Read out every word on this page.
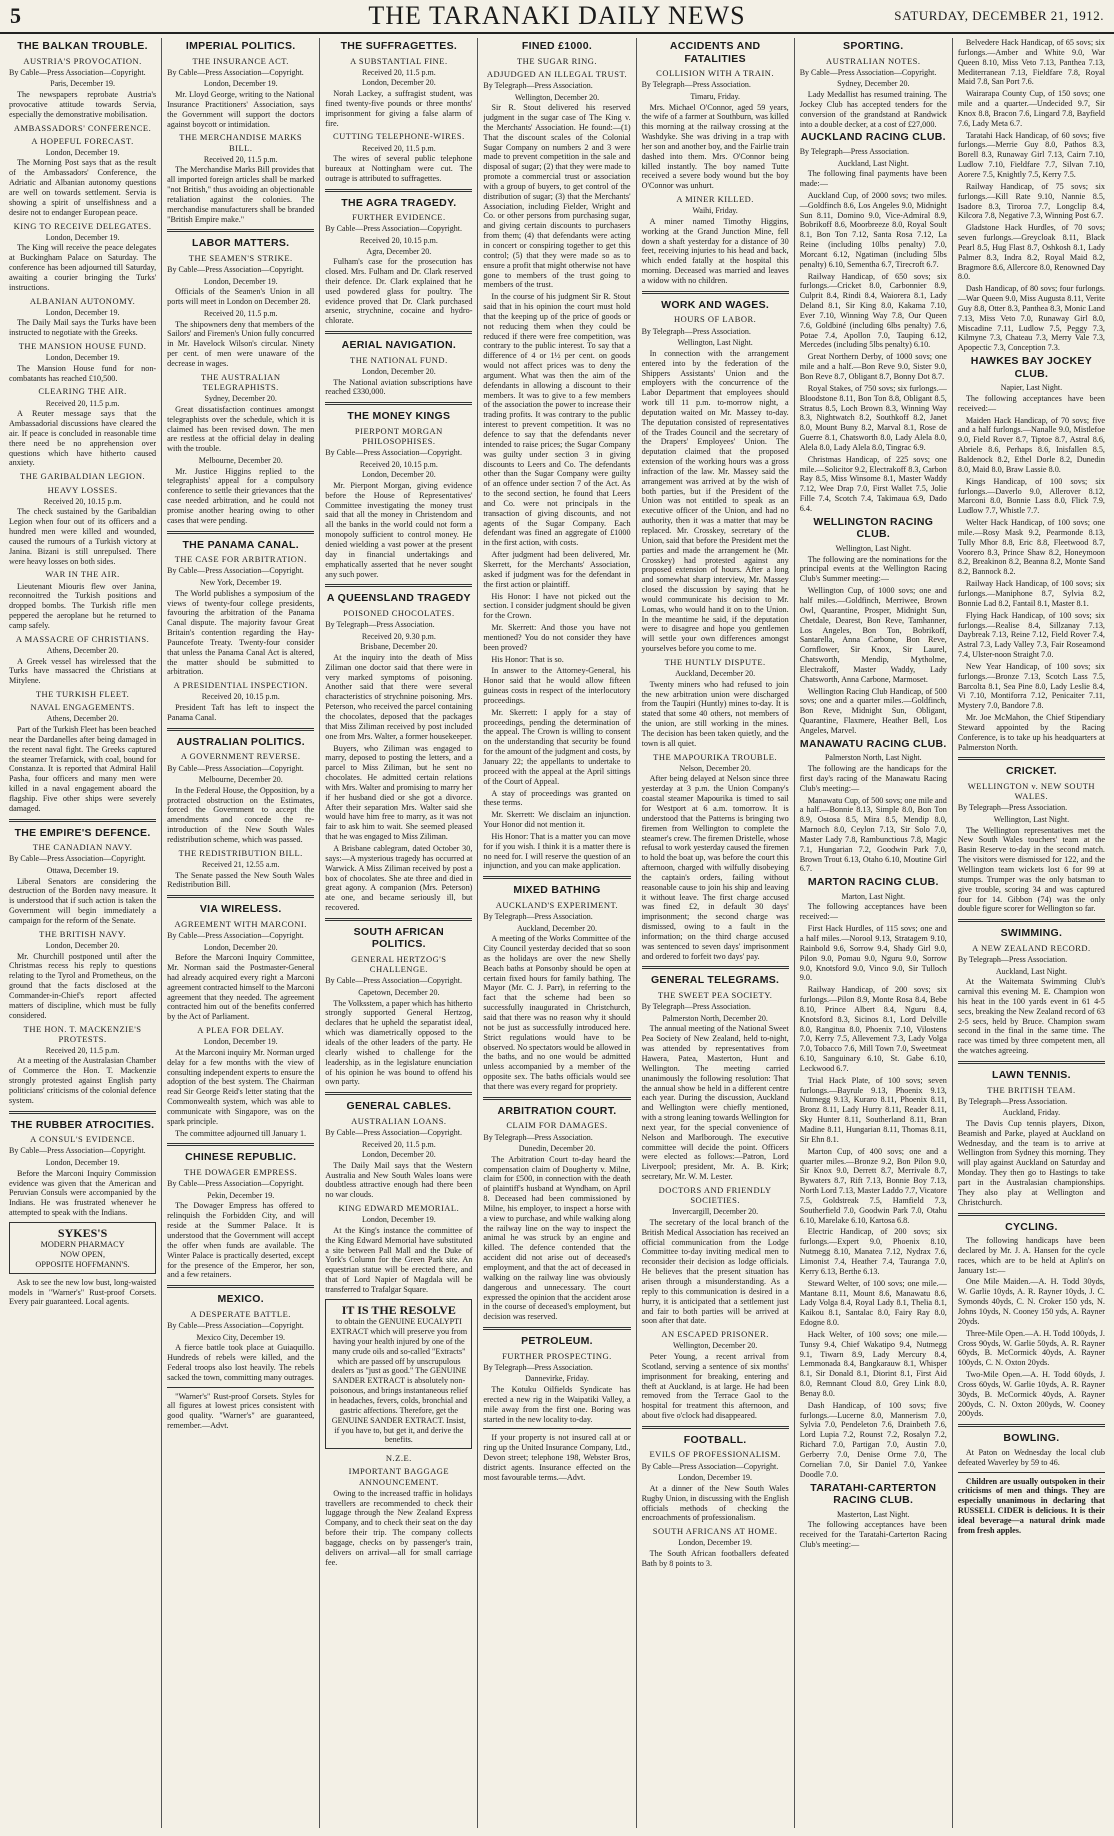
5	THE TARANAKI DAILY NEWS	SATURDAY, DECEMBER 21, 1912.
THE BALKAN TROUBLE.
AUSTRIA'S PROVOCATION.
By Cable—Press Association—Copyright.
Paris, December 19.

The newspapers reprobate Austria's provocative attitude towards Servia, especially the demonstrative mobilisation.

AMBASSADORS' CONFERENCE.
A HOPEFUL FORECAST.
London, December 19.

The Morning Post says that as the result of the Ambassadors' Conference, the Adriatic and Albanian autonomy questions are well on towards settlement. Servia is showing a spirit of unselfishness and a desire not to endanger European peace.

KING TO RECEIVE DELEGATES.
London, December 19.

The King will receive the peace delegates at Buckingham Palace on Saturday. The conference has been adjourned till Saturday, awaiting a courier bringing the Turks' instructions.

ALBANIAN AUTONOMY.
London, December 19.

The Daily Mail says the Turks have been instructed to negotiate with the Greeks.

THE MANSION HOUSE FUND.
London, December 19.

The Mansion House fund for non-combatants has reached £10,500.

CLEARING THE AIR.
Received 20, 11.5 p.m.

A Reuter message says that the Ambassadorial discussions have cleared the air. If peace is concluded in reasonable time there need be no apprehension over questions which have hitherto caused anxiety.

THE GARIBALDIAN LEGION.
HEAVY LOSSES.
Received 20, 10.15 p.m.

The check sustained by the Garibaldian Legion when four out of its officers and a hundred men were killed and wounded, caused the rumours of a Turkish victory at Janina. Bizani is still unrepulsed. There were heavy losses on both sides.

WAR IN THE AIR.

Lieutenant Miouris flew over Janina, reconnoitred the Turkish positions and dropped bombs. The Turkish rifle men peppered the aeroplane but he returned to camp safely.

A MASSACRE OF CHRISTIANS.
Athens, December 20.

A Greek vessel has wirelessed that the Turks have massacred the Christians at Mitylene.

THE TURKISH FLEET.
NAVAL ENGAGEMENTS.
Athens, December 20.

Part of the Turkish Fleet has been beached near the Dardanelles after being damaged in the recent naval fight. The Greeks captured the steamer Trefarnick, with coal, bound for Constanza. It is reported that Admiral Halil Pasha, four officers and many men were killed in a naval engagement aboard the flagship. Five other ships were severely damaged.

THE EMPIRE'S DEFENCE.
THE CANADIAN NAVY.
By Cable—Press Association—Copyright.
Ottawa, December 19.

Liberal Senators are considering the destruction of the Borden navy measure. It is understood that if such action is taken the Government will begin immediately a campaign for the reform of the Senate.

THE BRITISH NAVY.
London, December 20.

Mr. Churchill postponed until after the Christmas recess his reply to questions relating to the Tyrol and Prometheus, on the ground that the facts disclosed at the Commander-in-Chief's report affected matters of discipline, which must be fully considered.

THE HON. T. MACKENZIE'S PROTESTS.
Received 20, 11.5 p.m.

At a meeting of the Australasian Chamber of Commerce the Hon. T. Mackenzie strongly protested against English party politicians' criticisms of the colonial defence system.

THE RUBBER ATROCITIES.
A CONSUL'S EVIDENCE.
By Cable—Press Association—Copyright.
London, December 19.

Before the Marconi Inquiry Commission evidence was given that the American and Peruvian Consuls were accompanied by the Indians. He was frustrated whenever he attempted to speak with the Indians.

SYKES'S
MODERN PHARMACY
NOW OPEN,
OPPOSITE HOFFMANN'S.

Ask to see the new low bust, long-waisted models in "Warner's" Rust-proof Corsets. Every pair guaranteed. Local agents.

IMPERIAL POLITICS.
THE INSURANCE ACT.
By Cable—Press Association—Copyright.
London, December 19.

Mr. Lloyd George, writing to the National Insurance Practitioners' Association, says the Government will support the doctors against boycott or intimidation.

THE MERCHANDISE MARKS BILL.
Received 20, 11.5 p.m.

The Merchandise Marks Bill provides that all imported foreign articles shall be marked "not British," thus avoiding an objectionable retaliation against the colonies. The merchandise manufacturers shall be branded "British Empire make."

LABOR MATTERS.
THE SEAMEN'S STRIKE.
By Cable—Press Association—Copyright.
London, December 19.

Officials of the Seamen's Union in all ports will meet in London on December 28.

Received 20, 11.5 p.m.

The shipowners deny that members of the Sailors' and Firemen's Union fully concurred in Mr. Havelock Wilson's circular. Ninety per cent. of men were unaware of the decrease in wages.

THE AUSTRALIAN TELEGRAPHISTS.
Sydney, December 20.

Great dissatisfaction continues amongst telegraphists over the schedule, which it is claimed has been revised down. The men are restless at the official delay in dealing with the trouble.

Melbourne, December 20.

Mr. Justice Higgins replied to the telegraphists' appeal for a compulsory conference to settle their grievances that the case needed arbitration, and he could not promise another hearing owing to other cases that were pending.

THE PANAMA CANAL.
THE CASE FOR ARBITRATION.
By Cable—Press Association—Copyright.
New York, December 19.

The World publishes a symposium of the views of twenty-four college presidents, favouring the arbitration of the Panama Canal dispute. The majority favour Great Britain's contention regarding the Hay-Pauncefote Treaty. Twenty-four consider that unless the Panama Canal Act is altered, the matter should be submitted to arbitration.

A PRESIDENTIAL INSPECTION.
Received 20, 10.15 p.m.

President Taft has left to inspect the Panama Canal.

AUSTRALIAN POLITICS.
A GOVERNMENT REVERSE.
By Cable—Press Association—Copyright.
Melbourne, December 20.

In the Federal House, the Opposition, by a protracted obstruction on the Estimates, forced the Government to accept the amendments and concede the re-introduction of the New South Wales redistribution scheme, which was passed.

THE REDISTRIBUTION BILL.
Received 21, 12.55 a.m.

The Senate passed the New South Wales Redistribution Bill.

VIA WIRELESS.
AGREEMENT WITH MARCONI.
By Cable—Press Association—Copyright.
London, December 20.

Before the Marconi Inquiry Committee, Mr. Norman said the Postmaster-General had already acquired every right a Marconi agreement contracted himself to the Marconi agreement that they needed. The agreement contracted him out of the benefits conferred by the Act of Parliament.

A PLEA FOR DELAY.
London, December 19.

At the Marconi inquiry Mr. Norman urged delay for a few months with the view of consulting independent experts to ensure the adoption of the best system. The Chairman read Sir George Reid's letter stating that the Commonwealth system, which was able to communicate with Singapore, was on the spark principle.

The committee adjourned till January 1.

CHINESE REPUBLIC.
THE DOWAGER EMPRESS.
By Cable—Press Association—Copyright.
Pekin, December 19.

The Dowager Empress has offered to relinquish the Forbidden City, and will reside at the Summer Palace. It is understood that the Government will accept the offer when funds are available. The Winter Palace is practically deserted, except for the presence of the Emperor, her son, and a few retainers.

MEXICO.
A DESPERATE BATTLE.
By Cable—Press Association—Copyright.
Mexico City, December 19.

A fierce battle took place at Guiaquillo. Hundreds of rebels were killed, and the Federal troops also lost heavily. The rebels sacked the town, committing many outrages.

"Warner's" Rust-proof Corsets. Styles for all figures at lowest prices consistent with good quality. "Warner's" are guaranteed, remember.—Advt.

THE SUFFRAGETTES.
A SUBSTANTIAL FINE.
Received 20, 11.5 p.m.
London, December 20.

Norah Lackey, a suffragist student, was fined twenty-five pounds or three months' imprisonment for giving a false alarm of fire.

CUTTING TELEPHONE-WIRES.
Received 20, 11.5 p.m.

The wires of several public telephone bureaux at Nottingham were cut. The outrage is attributed to suffragettes.

THE AGRA TRAGEDY.
FURTHER EVIDENCE.
By Cable—Press Association—Copyright.
Received 20, 10.15 p.m.
Agra, December 20.

Fulham's case for the prosecution has closed. Mrs. Fulham and Dr. Clark reserved their defence. Dr. Clark explained that he used powdered glass for poultry. The evidence proved that Dr. Clark purchased arsenic, strychnine, cocaine and hydro-chlorate.

AERIAL NAVIGATION.
THE NATIONAL FUND.
London, December 20.

The National aviation subscriptions have reached £330,000.

THE MONEY KINGS
PIERPONT MORGAN PHILOSOPHISES.
By Cable—Press Association—Copyright.
Received 20, 10.15 p.m.
London, December 20.

Mr. Pierpont Morgan, giving evidence before the House of Representatives' Committee investigating the money trust said that all the money in Christendom and all the banks in the world could not form a monopoly sufficient to control money. He denied wielding a vast power at the present day in financial undertakings and emphatically asserted that he never sought any such power.

A QUEENSLAND TRAGEDY
POISONED CHOCOLATES.
By Telegraph—Press Association.
Received 20, 9.30 p.m.
Brisbane, December 20.

At the inquiry into the death of Miss Ziliman one doctor said that there were in very marked symptoms of poisoning. Another said that there were several characteristics of strychnine poisoning. Mrs. Peterson, who received the parcel containing the chocolates, deposed that the packages that Miss Ziliman received by post included one from Mrs. Walter, a former housekeeper.

Buyers, who Ziliman was engaged to marry, deposed to posting the letters, and a parcel to Miss Ziliman, but he sent no chocolates. He admitted certain relations with Mrs. Walter and promising to marry her if her husband died or she got a divorce. After their separation Mrs. Walter said she would have him free to marry, as it was not fair to ask him to wait. She seemed pleased that he was engaged to Miss Ziliman.

A Brisbane cablegram, dated October 30, says:—A mysterious tragedy has occurred at Warwick. A Miss Ziliman received by post a box of chocolates. She ate three and died in great agony. A companion (Mrs. Peterson) ate one, and became seriously ill, but recovered.

SOUTH AFRICAN POLITICS.
GENERAL HERTZOG'S CHALLENGE.
By Cable—Press Association—Copyright.
Capetown, December 20.

The Volksstem, a paper which has hitherto strongly supported General Hertzog, declares that he upheld the separatist ideal, which was diametrically opposed to the ideals of the other leaders of the party. He clearly wished to challenge for the leadership, as in the legislature enunciation of his opinion he was bound to offend his own party.

GENERAL CABLES.
AUSTRALIAN LOANS.
By Cable—Press Association—Copyright.
Received 20, 11.5 p.m.
London, December 20.

The Daily Mail says that the Western Australia and New South Wales loans were doubtless attractive enough had there been no war clouds.

KING EDWARD MEMORIAL.
London, December 19.

At the King's instance the committee of the King Edward Memorial have substituted a site between Pall Mall and the Duke of York's Column for the Green Park site. An equestrian statue will be erected there, and that of Lord Napier of Magdala will be transferred to Trafalgar Square.

IT IS THE RESOLVE
to obtain the GENUINE EUCALYPTI EXTRACT which will preserve you from having your health injured by one of the many crude oils and so-called "Extracts" which are passed off by unscrupulous dealers as "just as good." The GENUINE SANDER EXTRACT is absolutely non-poisonous, and brings instantaneous relief in headaches, fevers, colds, bronchial and gastric affections. Therefore, get the GENUINE SANDER EXTRACT. Insist, if you have to, but get it, and derive the benefits.
N.Z.E.
IMPORTANT BAGGAGE ANNOUNCEMENT.

Owing to the increased traffic in holidays travellers are recommended to check their luggage through the New Zealand Express Company, and to check their seat on the day before their trip. The company collects baggage, checks on by passenger's train, delivers on arrival—all for small carriage fee.

FINED £1000.
THE SUGAR RING.
ADJUDGED AN ILLEGAL TRUST.
By Telegraph—Press Association.
Wellington, December 20.

Sir R. Stout delivered his reserved judgment in the sugar case of The King v. the Merchants' Association. He found:—(1) That the discount scales of the Colonial Sugar Company on numbers 2 and 3 were made to prevent competition in the sale and disposal of sugar; (2) that they were made to promote a commercial trust or association with a group of buyers, to get control of the distribution of sugar; (3) that the Merchants' Association, including Fielder, Wright and Co. or other persons from purchasing sugar, and giving certain discounts to purchasers from them; (4) that defendants were acting in concert or conspiring together to get this control; (5) that they were made so as to ensure a profit that might otherwise not have gone to members of the trust going to members of the trust.

In the course of his judgment Sir R. Stout said that in his opinion the court must hold that the keeping up of the price of goods or not reducing them when they could be reduced if there were free competition, was contrary to the public interest. To say that a difference of 4 or 1½ per cent. on goods would not affect prices was to deny the argument. What was then the aim of the defendants in allowing a discount to their members. It was to give to a few members of the association the power to increase their trading profits. It was contrary to the public interest to prevent competition. It was no defence to say that the defendants never intended to raise prices; the Sugar Company was guilty under section 3 in giving discounts to Leers and Co. The defendants other than the Sugar Company were guilty of an offence under section 7 of the Act. As to the second section, he found that Leers and Co. were not principals in the transaction of giving discounts, and not agents of the Sugar Company. Each defendant was fined an aggregate of £1000 in the first action, with costs.

After judgment had been delivered, Mr. Skerrett, for the Merchants' Association, asked if judgment was for the defendant in the first action or plaintiff.

His Honor: I have not picked out the section. I consider judgment should be given for the Crown.

Mr. Skerrett: And those you have not mentioned? You do not consider they have been proved?

His Honor: That is so.

In answer to the Attorney-General, his Honor said that he would allow fifteen guineas costs in respect of the interlocutory proceedings.

Mr. Skerrett: I apply for a stay of proceedings, pending the determination of the appeal. The Crown is willing to consent on the understanding that security be found for the amount of the judgment and costs, by January 22; the appellants to undertake to proceed with the appeal at the April sittings of the Court of Appeal.

A stay of proceedings was granted on these terms.

Mr. Skerrett: We disclaim an injunction. Your Honor did not mention it.

His Honor: That is a matter you can move for if you wish. I think it is a matter there is no need for. I will reserve the question of an injunction, and you can make application.

MIXED BATHING
AUCKLAND'S EXPERIMENT.
By Telegraph—Press Association.
Auckland, December 20.

A meeting of the Works Committee of the City Council yesterday decided that so soon as the holidays are over the new Shelly Beach baths at Ponsonby should be open at certain fixed hours for family bathing. The Mayor (Mr. C. J. Parr), in referring to the fact that the scheme had been so successfully inaugurated in Christchurch, said that there was no reason why it should not be just as successfully introduced here. Strict regulations would have to be observed. No spectators would be allowed in the baths, and no one would be admitted unless accompanied by a member of the opposite sex. The baths officials would see that there was every regard for propriety.

ARBITRATION COURT.
CLAIM FOR DAMAGES.
By Telegraph—Press Association.
Dunedin, December 20.

The Arbitration Court to-day heard the compensation claim of Dougherty v. Milne, claim for £500, in connection with the death of plaintiff's husband at Wyndham, on April 8. Deceased had been commissioned by Milne, his employer, to inspect a horse with a view to purchase, and while walking along the railway line on the way to inspect the animal he was struck by an engine and killed. The defence contended that the accident did not arise out of deceased's employment, and that the act of deceased in walking on the railway line was obviously dangerous and unnecessary. The court expressed the opinion that the accident arose in the course of deceased's employment, but decision was reserved.

PETROLEUM.
FURTHER PROSPECTING.
By Telegraph—Press Association.
Dannevirke, Friday.

The Kotuku Oilfields Syndicate has erected a new rig in the Waipatiki Valley, a mile away from the first one. Boring was started in the new locality to-day.

If your property is not insured call at or ring up the United Insurance Company, Ltd., Devon street; telephone 198, Webster Bros, district agents. Insurance effected on the most favourable terms.—Advt.

ACCIDENTS AND FATALITIES
COLLISION WITH A TRAIN.
By Telegraph—Press Association.
Timaru, Friday.

Mrs. Michael O'Connor, aged 59 years, the wife of a farmer at Southburn, was killed this morning at the railway crossing at the Washdyke. She was driving in a trap with her son and another boy, and the Fairlie train dashed into them. Mrs. O'Connor being killed instantly. The boy named Tutte received a severe body wound but the boy O'Connor was unhurt.

A MINER KILLED.
Waihi, Friday.

A miner named Timothy Higgins, working at the Grand Junction Mine, fell down a shaft yesterday for a distance of 30 feet, receiving injuries to his head and back, which ended fatally at the hospital this morning. Deceased was married and leaves a widow with no children.

WORK AND WAGES.
HOURS OF LABOR.
By Telegraph—Press Association.
Wellington, Last Night.

In connection with the arrangement entered into by the federation of the Shippers Assistants' Union and the employers with the concurrence of the Labor Department that employees should work till 11 p.m. to-morrow night, a deputation waited on Mr. Massey to-day. The deputation consisted of representatives of the Trades Council and the secretary of the Drapers' Employees' Union. The deputation claimed that the proposed extension of the working hours was a gross infraction of the law. Mr. Massey said the arrangement was arrived at by the wish of both parties, but if the President of the Union was not entitled to speak as an executive officer of the Union, and had no authority, then it was a matter that may be replaced. Mr. Crosskey, secretary of the Union, said that before the President met the parties and made the arrangement he (Mr. Crosskey) had protested against any proposed extension of hours. After a long and somewhat sharp interview, Mr. Massey closed the discussion by saying that he would communicate his decision to Mr. Lomas, who would hand it on to the Union. In the meantime he said, if the deputation were to disagree and hope you gentlemen will settle your own differences amongst yourselves before you come to me.

THE HUNTLY DISPUTE.
Auckland, December 20.

Twenty miners who had refused to join the new arbitration union were discharged from the Taupiri (Huntly) mines to-day. It is stated that some 40 others, not members of the union, are still working in the mines. The decision has been taken quietly, and the town is all quiet.

THE MAPOURIKA TROUBLE.
Nelson, December 20.

After being delayed at Nelson since three yesterday at 3 p.m. the Union Company's coastal steamer Mapourika is timed to sail for Westport at 6 a.m. tomorrow. It is understood that the Patterns is bringing two firemen from Wellington to complete the steamer's crew. The firemen Dristelle, whose refusal to work yesterday caused the firemen to hold the boat up, was before the court this afternoon, charged with wilfully disobeying the captain's orders, failing without reasonable cause to join his ship and leaving it without leave. The first charge accused was fined £2, in default 30 days' imprisonment; the second charge was dismissed, owing to a fault in the information; on the third charge accused was sentenced to seven days' imprisonment and ordered to forfeit two days' pay.

GENERAL TELEGRAMS.
THE SWEET PEA SOCIETY.
By Telegraph—Press Association.
Palmerston North, December 20.

The annual meeting of the National Sweet Pea Society of New Zealand, held to-night, was attended by representatives from Hawera, Patea, Masterton, Hunt and Wellington. The meeting carried unanimously the following resolution: That the annual show be held in a different centre each year. During the discussion, Auckland and Wellington were chiefly mentioned, with a strong leaning towards Wellington for next year, for the special convenience of Nelson and Marlborough. The executive committee will decide the point. Officers were elected as follows:—Patron, Lord Liverpool; president, Mr. A. B. Kirk; secretary, Mr. W. M. Lester.

DOCTORS AND FRIENDLY SOCIETIES.
Invercargill, December 20.

The secretary of the local branch of the British Medical Association has received an official communication from the Lodge Committee to-day inviting medical men to reconsider their decision as lodge officials. He believes that the present situation has arisen through a misunderstanding. As a reply to this communication is desired in a hurry, it is anticipated that a settlement just and fair to both parties will be arrived at soon after that date.

AN ESCAPED PRISONER.
Wellington, December 20.

Peter Young, a recent arrival from Scotland, serving a sentence of six months' imprisonment for breaking, entering and theft at Auckland, is at large. He had been removed from the Terrace Gaol to the hospital for treatment this afternoon, and about five o'clock had disappeared.

FOOTBALL.
EVILS OF PROFESSIONALISM.
By Cable—Press Association—Copyright.
London, December 19.

At a dinner of the New South Wales Rugby Union, in discussing with the English officials methods of checking the encroachments of professionalism.

SOUTH AFRICANS AT HOME.
London, December 19.

The South African footballers defeated Bath by 8 points to 3.

SPORTING.
AUSTRALIAN NOTES.
By Cable—Press Association—Copyright.
Sydney, December 20.

Lady Medallist has resumed training. The Jockey Club has accepted tenders for the conversion of the grandstand at Randwick into a double decker, at a cost of £27,000.

AUCKLAND RACING CLUB.
By Telegraph—Press Association.
Auckland, Last Night.

The following final payments have been made:—

Auckland Cup, of 2000 sovs; two miles.—Goldfinch 8.6, Los Angeles 9.0, Midnight Sun 8.11, Domino 9.0, Vice-Admiral 8.9, Bobrikoff 8.6, Moorbreeze 8.0, Royal Soult 8.1, Bon Ton 7.12, Santa Rosa 7.12, La Reine (including 10lbs penalty) 7.0, Morcant 6.12, Ngatiman (including 5lbs penalty) 6.10, Sementha 6.7, Tirecroft 6.7.

Railway Handicap, of 650 sovs; six furlongs.—Cricket 8.0, Carbonnier 8.9, Culprit 8.4, Rindi 8.4, Waiorera 8.1, Lady Deland 8.1, Sir King 8.0, Kakama 7.10, Ever 7.10, Winning Way 7.8, Our Queen 7.6, Goldbiné (including 6lbs penalty) 7.6, Potae 7.4, Apollon 7.0, Tauping 6.12, Mercedes (including 5lbs penalty) 6.10.

Great Northern Derby, of 1000 sovs; one mile and a half.—Bon Reve 9.0, Sister 9.0, Bon Reve 8.7, Obligant 8.7, Bonny Dot 8.7.

Royal Stakes, of 750 sovs; six furlongs.—Bloodstone 8.11, Bon Ton 8.8, Obligant 8.5, Stratus 8.5, Loch Brown 8.3, Winning Way 8.3, Nightwatch 8.2, Southkoff 8.2, Janet 8.0, Mount Buny 8.2, Marval 8.1, Rose de Guerre 8.1, Chatsworth 8.0, Lady Alela 8.0, Alela 8.0, Lady Alela 8.0, Tingrac 6.9.

Christmas Handicap, of 225 sovs; one mile.—Solicitor 9.2, Electrakoff 8.3, Carbon Ray 8.5, Miss Winsome 8.1, Master Waddy 7.12, Wee Drap 7.0, First Wallet 7.5, Jolie Fille 7.4, Scotch 7.4, Takimaua 6.9, Dado 6.4.

WELLINGTON RACING CLUB.
Wellington, Last Night.

The following are the nominations for the principal events at the Wellington Racing Club's Summer meeting:—

Wellington Cup, of 1000 sovs; one and half miles.—Goldfinch, Merriwee, Brown Owl, Quarantine, Prosper, Midnight Sun, Chetdale, Dearest, Bon Reve, Tamhanner, Los Angeles, Bon Ton, Bobrikoff, Santarella, Anna Carbone, Bon Reve, Cornflower, Sir Knox, Sir Laurel, Chatsworth, Mendip, Mytholme, Electrakoff, Master Waddy, Lady Chatsworth, Anna Carbone, Marmoset.

Wellington Racing Club Handicap, of 500 sovs; one and a quarter miles.—Goldfinch, Bon Reve, Midnight Sun, Obligant, Quarantine, Flaxmere, Heather Bell, Los Angeles, Marvel.

MANAWATU RACING CLUB.
Palmerston North, Last Night.

The following are the handicaps for the first day's racing of the Manawatu Racing Club's meeting:—

Manawatu Cup, of 500 sovs; one mile and a half.—Bonnie 8.13, Simple 8.0, Bon Ton 8.9, Ostosa 8.5, Mira 8.5, Mendip 8.0, Marnoch 8.0, Ceylon 7.13, Sir Solo 7.0, Master Lady 7.8, Rambunctious 7.8, Magic 7.1, Hungarian 7.2, Goodwin Park 7.0, Brown Trout 6.13, Otaho 6.10, Moutine Girl 6.7.

MARTON RACING CLUB.
Marton, Last Night.

The following acceptances have been received:—

First Hack Hurdles, of 115 sovs; one and a half miles.—Norool 9.13, Stratagem 9.10, Rainbold 9.6, Sorrow 9.4, Shady Girl 9.0, Pilon 9.0, Pomau 9.0, Nguru 9.0, Sorrow 9.0, Knotsford 9.0, Vinco 9.0, Sir Tulloch 9.0.

Railway Handicap, of 200 sovs; six furlongs.—Pilon 8.9, Monte Rosa 8.4, Bebe 8.10, Prince Albert 8.4, Nguru 8.4, Knotsford 8.3, Sicinos 8.1, Lord Delville 8.0, Rangitua 8.0, Phoenix 7.10, Vilostens 7.0, Kerry 7.5, Allevement 7.3, Lady Volga 7.0, Tobacco 7.6, Mill Town 7.0, Sweetmeat 6.10, Sanguinary 6.10, St. Gabe 6.10, Leckwood 6.7.

Trial Hack Plate, of 100 sovs; seven furlongs.—Bayrule 9.13, Phoenix 9.13, Nutmegg 9.13, Kuraro 8.11, Phoenix 8.11, Bronz 8.11, Lady Hurry 8.11, Reader 8.11, Sky Hunter 8.11, Southerland 8.11, Bran Madine 8.11, Hungarian 8.11, Thomas 8.11, Sir Ehn 8.1.

Marton Cup, of 400 sovs; one and a quarter miles.—Bronze 9.2, Bon Pilon 9.0, Sir Knox 9.0, Derrett 8.7, Merrivale 8.7, Bywaters 8.7, Rift 7.13, Bonnie Boy 7.13, North Lord 7.13, Master Laddo 7.7, Vicatore 7.5, Goldstreak 7.5, Hamfield 7.3, Southerfield 7.0, Goodwin Park 7.0, Otahu 6.10, Marelake 6.10, Kartosa 6.8.

Electric Handicap, of 200 sovs; six furlongs.—Expert 9.0, Phoenix 8.10, Nutmegg 8.10, Manatea 7.12, Nydrax 7.6, Limonist 7.4, Heather 7.4, Tauranga 7.0, Kerry 6.13, Berthe 6.13.

Steward Welter, of 100 sovs; one mile.—Mantane 8.11, Mount 8.6, Manawatu 8.6, Lady Volga 8.4, Royal Lady 8.1, Thelia 8.1, Kaikou 8.1, Santalac 8.0, Fairy Ray 8.0, Edogne 8.0.

Hack Welter, of 100 sovs; one mile.—Tunsy 9.4, Chief Wakatipo 9.4, Nutmegg 9.1, Tiwarn 8.9, Lady Mercury 8.4, Lemmonada 8.4, Bangkarauw 8.1, Whisper 8.1, Sir Donald 8.1, Diorint 8.1, First Aid 8.0, Remnant Cloud 8.0, Grey Link 8.0, Benay 8.0.

Dash Handicap, of 100 sovs; five furlongs.—Lucerne 8.0, Mannerism 7.0, Sylvia 7.0, Pendeleton 7.6, Drainbeth 7.6, Lord Lupia 7.2, Rounst 7.2, Rosalyn 7.2, Richard 7.0, Partigan 7.0, Austin 7.0, Gerberry 7.0, Denise Orme 7.0, The Cornelian 7.0, Sir Daniel 7.0, Yankee Doodle 7.0.

TARATAHI-CARTERTON RACING CLUB.
Masterton, Last Night.

The following acceptances have been received for the Taratahi-Carterton Racing Club's meeting:—

Belvedere Hack Handicap, of 65 sovs; six furlongs.—Amber and White 9.0, War Queen 8.10, Miss Veto 7.13, Panthea 7.13, Mediterranean 7.13, Fieldfare 7.8, Royal Maid 7.8, San Port 7.6.

Wairarapa County Cup, of 150 sovs; one mile and a quarter.—Undecided 9.7, Sir Knox 8.8, Bracon 7.6, Lingard 7.8, Bayfield 7.6, Lady Meta 6.7.

Taratahi Hack Handicap, of 60 sovs; five furlongs.—Merrie Guy 8.0, Pathos 8.3, Borell 8.3, Runaway Girl 7.13, Cairn 7.10, Ludlow 7.10, Fieldfare 7.7, Silvan 7.10, Aorere 7.5, Knightly 7.5, Kerry 7.5.

Railway Handicap, of 75 sovs; six furlongs.—Kill Rate 9.10, Nannie 8.5, Isadore 8.3, Tiroroa 7.7, Longclip 8.4, Kilcora 7.8, Negative 7.3, Winning Post 6.7.

Gladstone Hack Hurdles, of 70 sovs; seven furlongs.—Greycloak 8.11, Black Pearl 8.5, Hug Flast 8.7, Oshkosh 8.1, Lady Palmer 8.3, Indra 8.2, Royal Maid 8.2, Bragmore 8.6, Allercore 8.0, Renowned Day 8.0.

Dash Handicap, of 80 sovs; four furlongs.—War Queen 9.0, Miss Augusta 8.11, Verite Guy 8.8, Otter 8.3, Panthea 8.3, Monic Land 7.13, Miss Veto 7.0, Runaway Girl 8.0, Miscadine 7.11, Ludlow 7.5, Peggy 7.3, Kilmyne 7.3, Chateau 7.3, Merry Vale 7.3, Apopectic 7.3, Conception 7.3.

HAWKES BAY JOCKEY CLUB.
Napier, Last Night.

The following acceptances have been received:—

Maiden Hack Handicap, of 70 sovs; five and a half furlongs.—Nanalle 9.0, Mistlefoe 9.0, Field Rover 8.7, Tiptoe 8.7, Astral 8.6, Abriele 8.6, Perhaps 8.6, Inisfallen 8.5, Baldenock 8.2, Ethel Dorle 8.2, Dunedin 8.0, Maid 8.0, Braw Lassie 8.0.

Kings Handicap, of 100 sovs; six furlongs.—Daverlo 9.0, Allerover 8.12, Marconi 8.0, Bonnie Lass 8.0, Flick 7.9, Ludlow 7.7, Whistle 7.7.

Welter Hack Handicap, of 100 sovs; one mile.—Rosy Mask 9.2, Pearmonde 8.13, Tully Mhor 8.8, Eric 8.8, Fleetwood 8.7, Voorero 8.3, Prince Shaw 8.2, Honeymoon 8.2, Breakinon 8.2, Beanna 8.2, Monte Sand 8.2, Bannock 8.2.

Railway Hack Handicap, of 100 sovs; six furlongs.—Maniphone 8.7, Sylvia 8.2, Bonnie Lad 8.2, Fantail 8.1, Master 8.1.

Flying Hack Handicap, of 100 sovs; six furlongs.—Realise 8.4, Sillzanay 7.13, Daybreak 7.13, Reine 7.12, Field Rover 7.4, Astral 7.3, Lady Valley 7.3, Fair Roseamond 7.4, Ulster-noon Straight 7.0.

New Year Handicap, of 100 sovs; six furlongs.—Bronze 7.13, Scotch Lass 7.5, Barcolta 8.1, Sea Pine 8.0, Lady Leslie 8.4, Vi 7.10, Montiforra 7.12, Penicaiter 7.11, Mystery 7.0, Bandore 7.8.

Mr. Joe McMahon, the Chief Stipendiary Steward appointed by the Racing Conference, is to take up his headquarters at Palmerston North.

CRICKET.
WELLINGTON v. NEW SOUTH WALES.
By Telegraph—Press Association.
Wellington, Last Night.

The Wellington representatives met the New South Wales touchers' team at the Basin Reserve to-day in the second match. The visitors were dismissed for 122, and the Wellington team wickets lost 6 for 99 at stumps. Trumper was the only batsman to give trouble, scoring 34 and was captured four for 14. Gibbon (74) was the only double figure scorer for Wellington so far.

SWIMMING.
A NEW ZEALAND RECORD.
By Telegraph—Press Association.
Auckland, Last Night.

At the Waitemata Swimming Club's carnival this evening M. E. Champion won his heat in the 100 yards event in 61 4-5 secs, breaking the New Zealand record of 63 2-5 secs, held by Bruce. Champion swam second in the final in the same time. The race was timed by three competent men, all the watches agreeing.

LAWN TENNIS.
THE BRITISH TEAM.
By Telegraph—Press Association.
Auckland, Friday.

The Davis Cup tennis players, Dixon, Beamish and Parke, played at Auckland on Wednesday, and the team is to arrive at Wellington from Sydney this morning. They will play against Auckland on Saturday and Monday. They then go to Hastings to take part in the Australasian championships. They also play at Wellington and Christchurch.

CYCLING.

The following handicaps have been declared by Mr. J. A. Hansen for the cycle races, which are to be held at Aplin's on January 1st:—

One Mile Maiden.—A. H. Todd 30yds, W. Garlie 10yds, A. R. Rayner 10yds, J. C. Symonds 40yds, C. N. Croker 150 yds, N. Johns 10yds, N. Cooney 150 yds, A. Rayner 20yds.

Three-Mile Open.—A. H. Todd 100yds, J. Cross 90yds, W. Garlie 50yds, A. R. Rayner 60yds, B. McCormick 40yds, A. Rayner 100yds, C. N. Oxton 20yds.

Two-Mile Open.—A. H. Todd 60yds, J. Cross 60yds, W. Garlie 10yds, A. R. Rayner 30yds, B. McCormick 40yds, A. Rayner 200yds, C. N. Oxton 200yds, W. Cooney 200yds.

BOWLING.

At Paton on Wednesday the local club defeated Waverley by 59 to 46.

Children are usually outspoken in their criticisms of men and things. They are especially unanimous in declaring that RUSSELL CIDER is delicious. It is their ideal beverage—a natural drink made from fresh apples.
